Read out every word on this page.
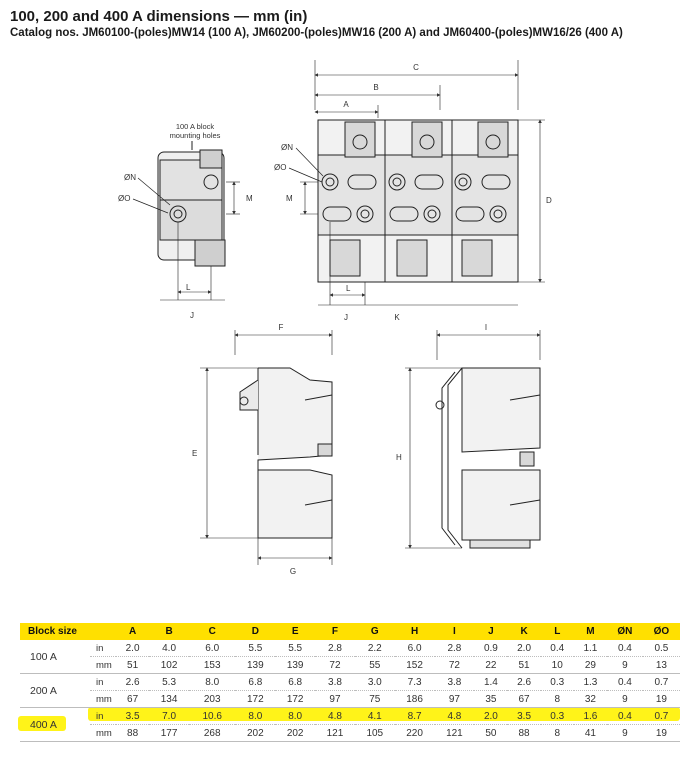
100, 200 and 400 A dimensions — mm (in)
Catalog nos. JM60100-(poles)MW14 (100 A), JM60200-(poles)MW16 (200 A) and JM60400-(poles)MW16/26 (400 A)
100 A block
mounting holes
ØN
ØO	M
L
J
C
B
A
ØN
ØO
M	D
L
J	K
F
E
G
I
H
Block size		A	B	C	D	E	F	G	H	I	J	K	L	M	ØN	ØO
100 A	in	2.0	4.0	6.0	5.5	5.5	2.8	2.2	6.0	2.8	0.9	2.0	0.4	1.1	0.4	0.5
	mm	51	102	153	139	139	72	55	152	72	22	51	10	29	9	13
200 A	in	2.6	5.3	8.0	6.8	6.8	3.8	3.0	7.3	3.8	1.4	2.6	0.3	1.3	0.4	0.7
	mm	67	134	203	172	172	97	75	186	97	35	67	8	32	9	19
400 A	in	3.5	7.0	10.6	8.0	8.0	4.8	4.1	8.7	4.8	2.0	3.5	0.3	1.6	0.4	0.7
	mm	88	177	268	202	202	121	105	220	121	50	88	8	41	9	19
